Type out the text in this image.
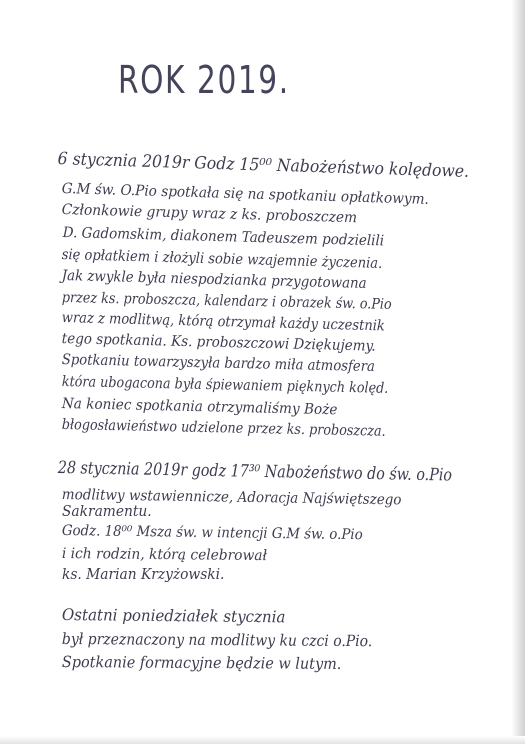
ROK 2019.
6 stycznia 2019r Godz 15⁰⁰ Nabożeństwo kolędowe.
G.M św. O.Pio spotkała się na spotkaniu opłatkowym.
Członkowie grupy wraz z ks. proboszczem
D. Gadomskim, diakonem Tadeuszem podzielili
się opłatkiem i złożyli sobie wzajemnie życzenia.
Jak zwykle była niespodzianka przygotowana
przez ks. proboszcza, kalendarz i obrazek św. o.Pio
wraz z modlitwą, którą otrzymał każdy uczestnik
tego spotkania. Ks. proboszczowi Dziękujemy.
Spotkaniu towarzyszyła bardzo miła atmosfera
która ubogacona była śpiewaniem pięknych kolęd.
Na koniec spotkania otrzymaliśmy Boże
błogosławieństwo udzielone przez ks. proboszcza.
28 stycznia 2019r godz 17³⁰ Nabożeństwo do św. o.Pio
modlitwy wstawiennicze, Adoracja Najświętszego
Sakramentu.
Godz. 18⁰⁰ Msza św. w intencji G.M św. o.Pio
i ich rodzin, którą celebrował
ks. Marian Krzyżowski.
Ostatni poniedziałek stycznia
był przeznaczony na modlitwy ku czci o.Pio.
Spotkanie formacyjne będzie w lutym.
